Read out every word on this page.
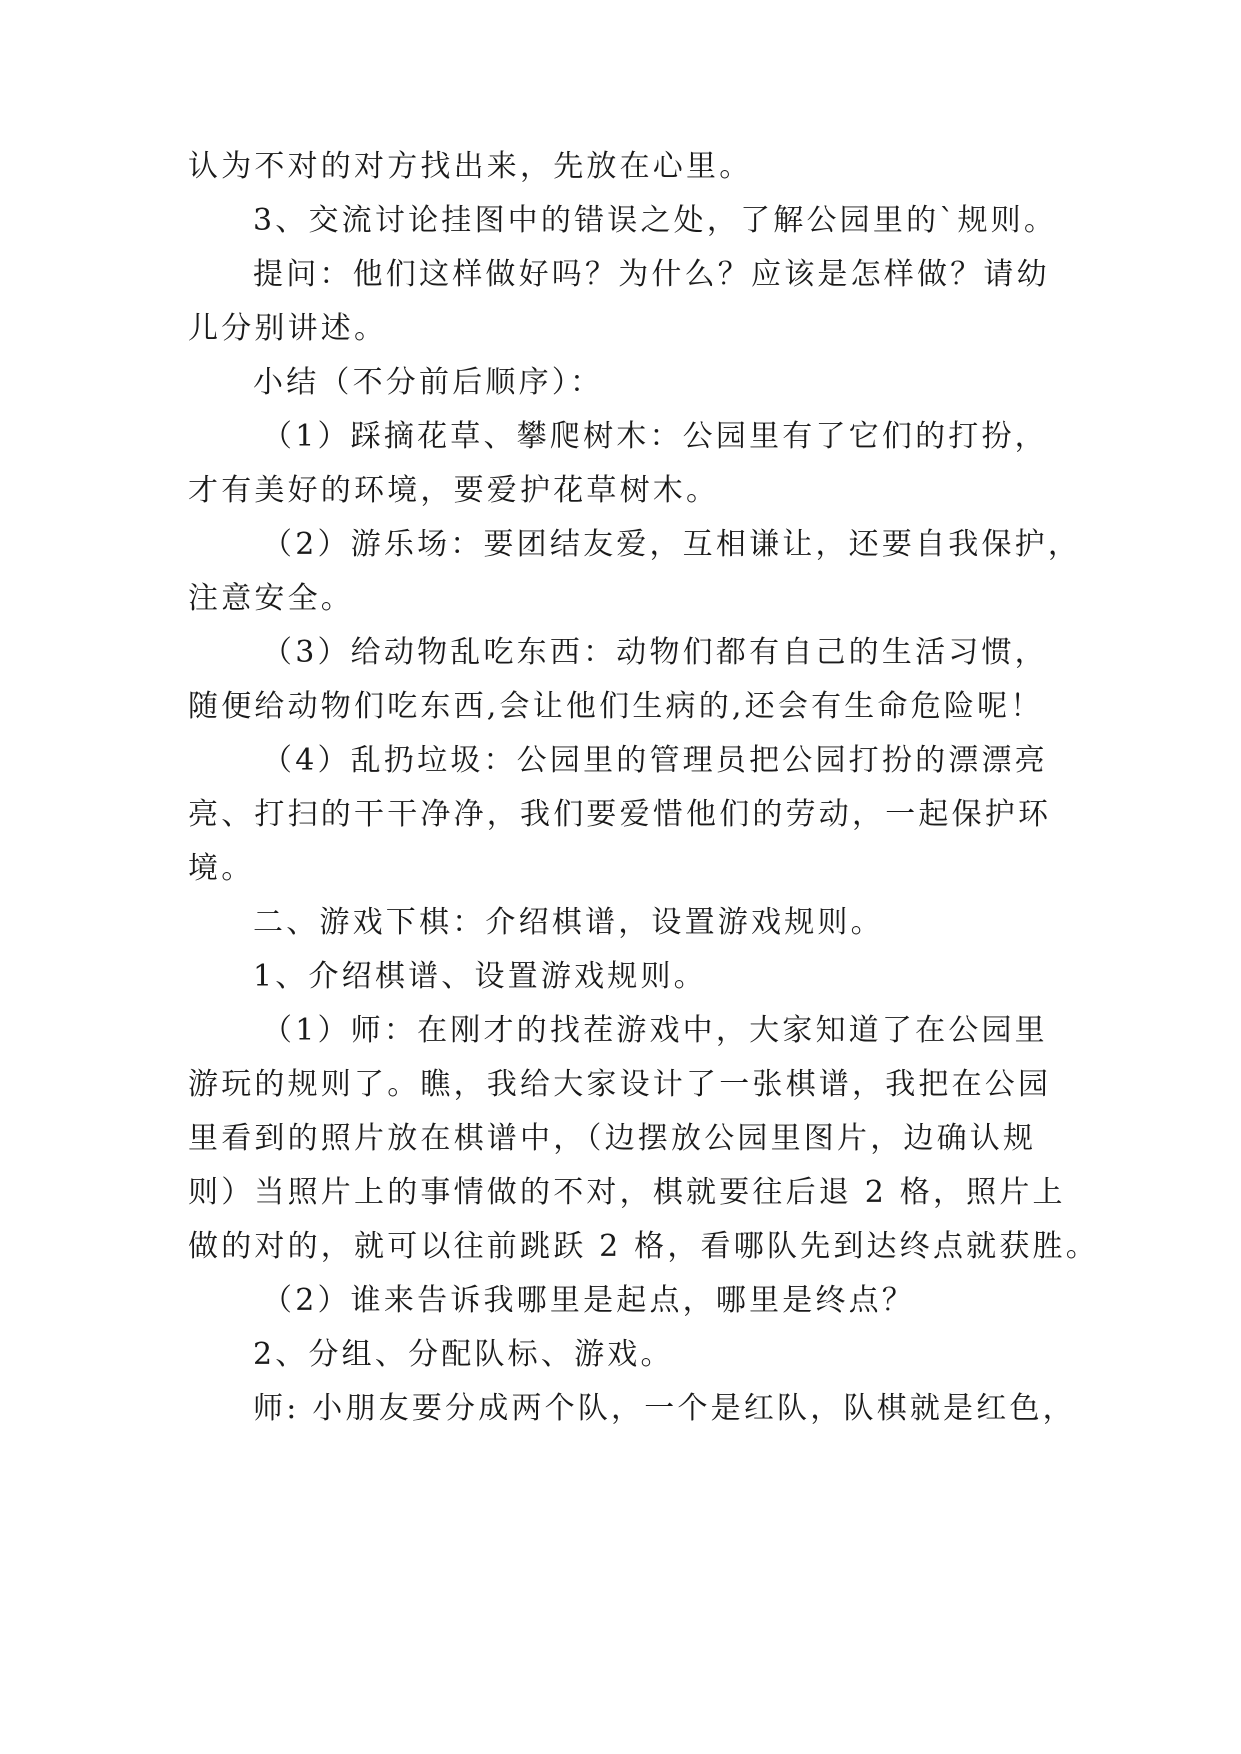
认为不对的对方找出来，先放在心里。
3、交流讨论挂图中的错误之处，了解公园里的`规则。
提问：他们这样做好吗？为什么？应该是怎样做？请幼
儿分别讲述。
小结（不分前后顺序）：
（1）踩摘花草、攀爬树木：公园里有了它们的打扮，
才有美好的环境，要爱护花草树木。
（2）游乐场：要团结友爱，互相谦让，还要自我保护，
注意安全。
（3）给动物乱吃东西：动物们都有自己的生活习惯，
随便给动物们吃东西,会让他们生病的,还会有生命危险呢！
（4）乱扔垃圾：公园里的管理员把公园打扮的漂漂亮
亮、打扫的干干净净，我们要爱惜他们的劳动，一起保护环
境。
二、游戏下棋：介绍棋谱，设置游戏规则。
1、介绍棋谱、设置游戏规则。
（1）师：在刚才的找茬游戏中，大家知道了在公园里
游玩的规则了。瞧，我给大家设计了一张棋谱，我把在公园
里看到的照片放在棋谱中，（边摆放公园里图片，边确认规
则）当照片上的事情做的不对，棋就要往后退 2 格，照片上
做的对的，就可以往前跳跃 2 格，看哪队先到达终点就获胜。
（2）谁来告诉我哪里是起点，哪里是终点？
2、分组、分配队标、游戏。
师: 小朋友要分成两个队，一个是红队，队棋就是红色，
